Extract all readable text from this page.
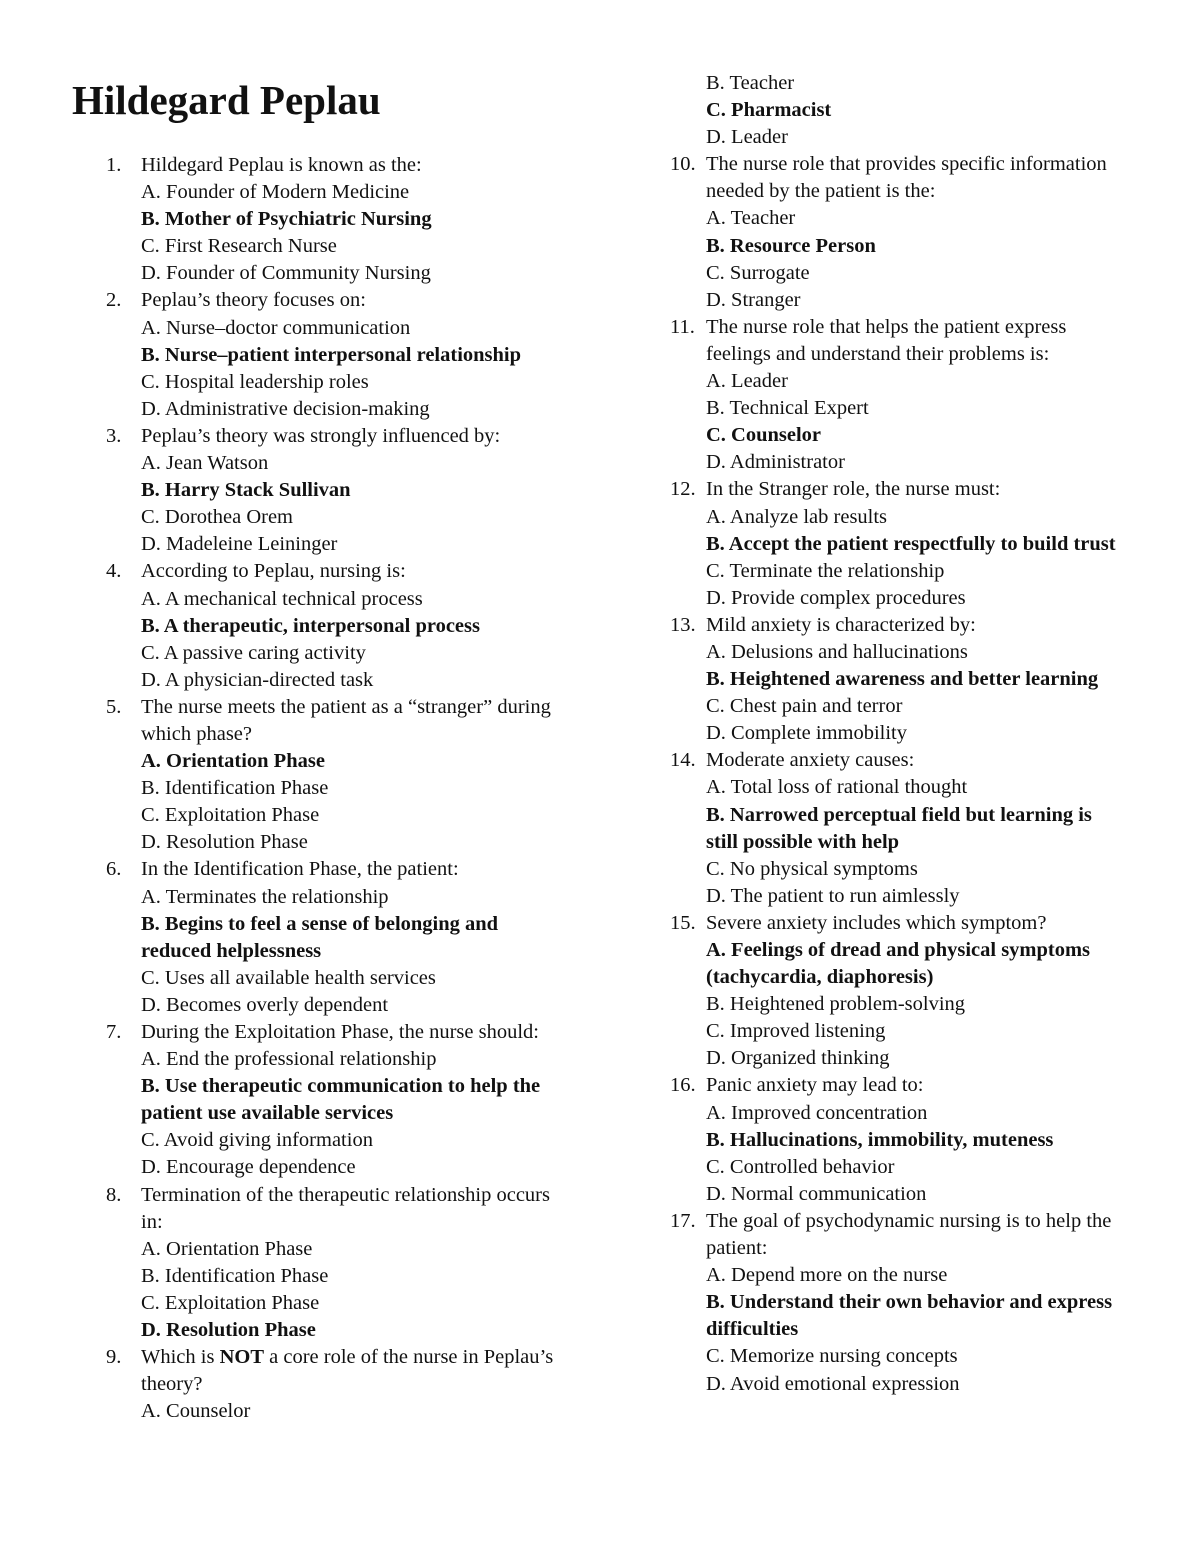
Hildegard Peplau
1. Hildegard Peplau is known as the:
A. Founder of Modern Medicine
B. Mother of Psychiatric Nursing
C. First Research Nurse
D. Founder of Community Nursing
2. Peplau’s theory focuses on:
A. Nurse–doctor communication
B. Nurse–patient interpersonal relationship
C. Hospital leadership roles
D. Administrative decision-making
3. Peplau’s theory was strongly influenced by:
A. Jean Watson
B. Harry Stack Sullivan
C. Dorothea Orem
D. Madeleine Leininger
4. According to Peplau, nursing is:
A. A mechanical technical process
B. A therapeutic, interpersonal process
C. A passive caring activity
D. A physician-directed task
5. The nurse meets the patient as a “stranger” during which phase?
A. Orientation Phase
B. Identification Phase
C. Exploitation Phase
D. Resolution Phase
6. In the Identification Phase, the patient:
A. Terminates the relationship
B. Begins to feel a sense of belonging and reduced helplessness
C. Uses all available health services
D. Becomes overly dependent
7. During the Exploitation Phase, the nurse should:
A. End the professional relationship
B. Use therapeutic communication to help the patient use available services
C. Avoid giving information
D. Encourage dependence
8. Termination of the therapeutic relationship occurs in:
A. Orientation Phase
B. Identification Phase
C. Exploitation Phase
D. Resolution Phase
9. Which is NOT a core role of the nurse in Peplau’s theory?
A. Counselor
B. Teacher
C. Pharmacist
D. Leader
10. The nurse role that provides specific information needed by the patient is the:
A. Teacher
B. Resource Person
C. Surrogate
D. Stranger
11. The nurse role that helps the patient express feelings and understand their problems is:
A. Leader
B. Technical Expert
C. Counselor
D. Administrator
12. In the Stranger role, the nurse must:
A. Analyze lab results
B. Accept the patient respectfully to build trust
C. Terminate the relationship
D. Provide complex procedures
13. Mild anxiety is characterized by:
A. Delusions and hallucinations
B. Heightened awareness and better learning
C. Chest pain and terror
D. Complete immobility
14. Moderate anxiety causes:
A. Total loss of rational thought
B. Narrowed perceptual field but learning is still possible with help
C. No physical symptoms
D. The patient to run aimlessly
15. Severe anxiety includes which symptom?
A. Feelings of dread and physical symptoms (tachycardia, diaphoresis)
B. Heightened problem-solving
C. Improved listening
D. Organized thinking
16. Panic anxiety may lead to:
A. Improved concentration
B. Hallucinations, immobility, muteness
C. Controlled behavior
D. Normal communication
17. The goal of psychodynamic nursing is to help the patient:
A. Depend more on the nurse
B. Understand their own behavior and express difficulties
C. Memorize nursing concepts
D. Avoid emotional expression
